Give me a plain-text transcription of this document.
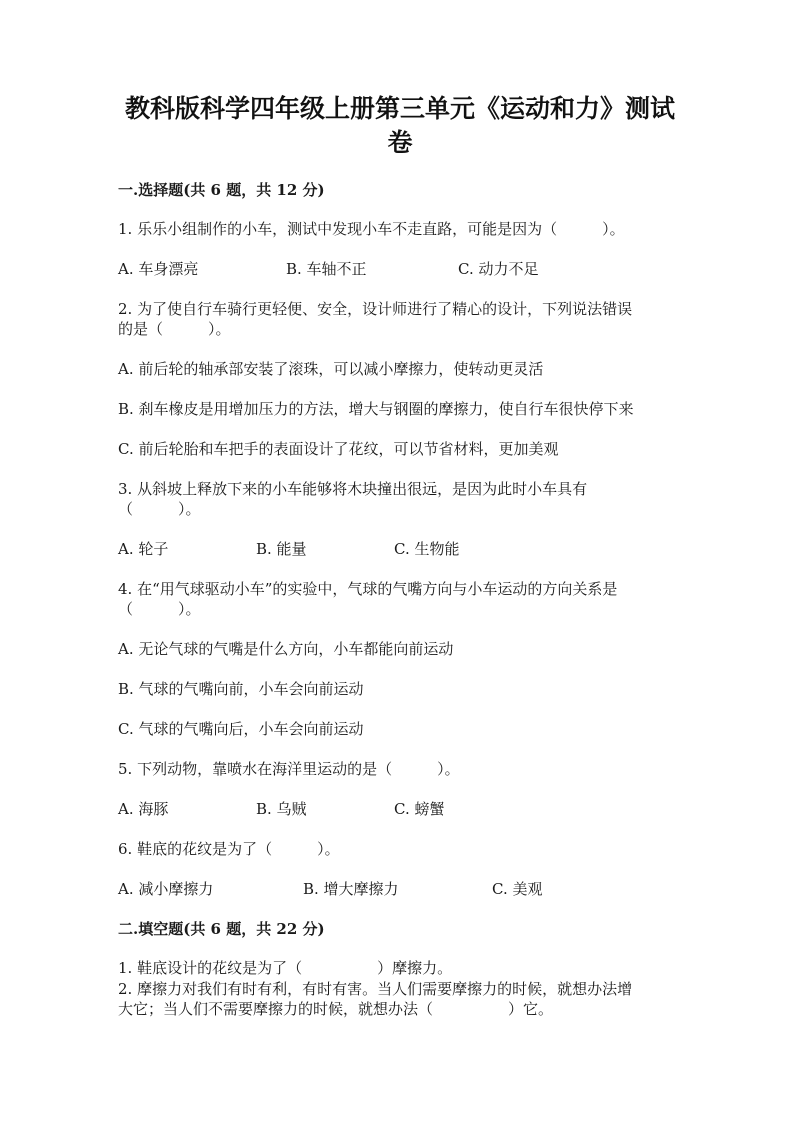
教科版科学四年级上册第三单元《运动和力》测试
卷
一.选择题(共 6 题，共 12 分)
1. 乐乐小组制作的小车，测试中发现小车不走直路，可能是因为（　　　）。
A. 车身漂亮	B. 车轴不正	C. 动力不足
2. 为了使自行车骑行更轻便、安全，设计师进行了精心的设计，下列说法错误
的是（　　　）。
A. 前后轮的轴承部安装了滚珠，可以减小摩擦力，使转动更灵活
B. 刹车橡皮是用增加压力的方法，增大与钢圈的摩擦力，使自行车很快停下来
C. 前后轮胎和车把手的表面设计了花纹，可以节省材料，更加美观
3. 从斜坡上释放下来的小车能够将木块撞出很远，是因为此时小车具有
（　　　）。
A. 轮子	B. 能量	C. 生物能
4. 在“用气球驱动小车”的实验中，气球的气嘴方向与小车运动的方向关系是
（　　　）。
A. 无论气球的气嘴是什么方向，小车都能向前运动
B. 气球的气嘴向前，小车会向前运动
C. 气球的气嘴向后，小车会向前运动
5. 下列动物，靠喷水在海洋里运动的是（　　　）。
A. 海豚	B. 乌贼	C. 螃蟹
6. 鞋底的花纹是为了（　　　）。
A. 减小摩擦力	B. 增大摩擦力	C. 美观
二.填空题(共 6 题，共 22 分)
1. 鞋底设计的花纹是为了（　　　　　）摩擦力。
2. 摩擦力对我们有时有利，有时有害。当人们需要摩擦力的时候，就想办法增
大它；当人们不需要摩擦力的时候，就想办法（　　　　　）它。
